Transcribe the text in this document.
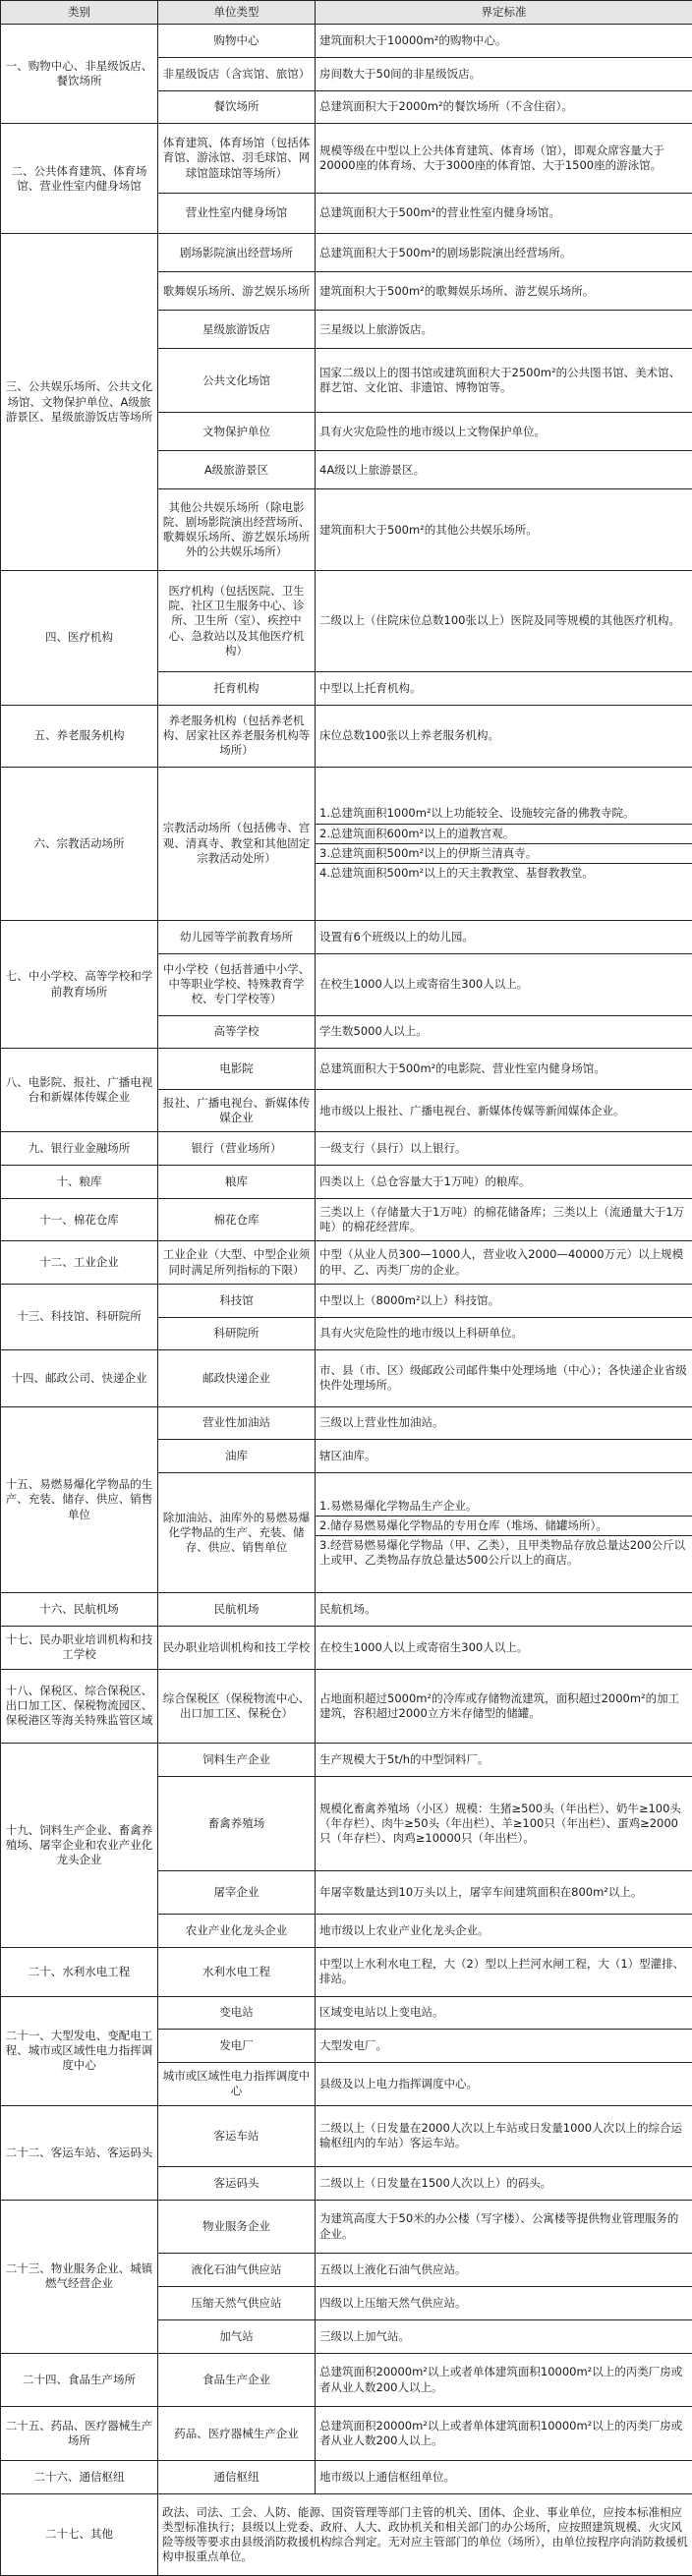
类别	单位类型	界定标准
一、购物中心、非星级饭店、餐饮场所	购物中心	建筑面积大于10000m²的购物中心。

	非星级饭店（含宾馆、旅馆）	房间数大于50间的非星级饭店。

	餐饮场所	总建筑面积大于2000m²的餐饮场所（不含住宿）。

二、公共体育建筑、体育场馆、营业性室内健身场馆	体育建筑、体育场馆（包括体育馆、游泳馆、羽毛球馆、网球馆篮球馆等场所）	规模等级在中型以上公共体育建筑、体育场（馆），即观众席容量大于20000座的体育场、大于3000座的体育馆、大于1500座的游泳馆。

	营业性室内健身场馆	总建筑面积大于500m²的营业性室内健身场馆。

三、公共娱乐场所、公共文化场馆、文物保护单位、A级旅游景区、星级旅游饭店等场所	剧场影院演出经营场所	总建筑面积大于500m²的剧场影院演出经营场所。

	歌舞娱乐场所、游艺娱乐场所	建筑面积大于500m²的歌舞娱乐场所、游艺娱乐场所。

	星级旅游饭店	三星级以上旅游饭店。

	公共文化场馆	国家二级以上的图书馆或建筑面积大于2500m²的公共图书馆、美术馆、群艺馆、文化馆、非遗馆、博物馆等。

	文物保护单位	具有火灾危险性的地市级以上文物保护单位。

	A级旅游景区	4A级以上旅游景区。

	其他公共娱乐场所（除电影院、剧场影院演出经营场所、歌舞娱乐场所、游艺娱乐场所外的公共娱乐场所）	建筑面积大于500m²的其他公共娱乐场所。

四、医疗机构	医疗机构（包括医院、卫生院、社区卫生服务中心、诊所、卫生所（室）、疾控中心、急救站以及其他医疗机构）	二级以上（住院床位总数100张以上）医院及同等规模的其他医疗机构。

	托育机构	中型以上托育机构。

五、养老服务机构	养老服务机构（包括养老机构、居家社区养老服务机构等场所）	床位总数100张以上养老服务机构。

六、宗教活动场所	宗教活动场所（包括佛寺、宫观、清真寺、教堂和其他固定宗教活动处所）	1.总建筑面积1000m²以上功能较全、设施较完备的佛教寺院。
2.总建筑面积600m²以上的道教宫观。
3.总建筑面积500m²以上的伊斯兰清真寺。
4.总建筑面积500m²以上的天主教教堂、基督教教堂。

七、中小学校、高等学校和学前教育场所	幼儿园等学前教育场所	设置有6个班级以上的幼儿园。

	中小学校（包括普通中小学、中等职业学校、特殊教育学校、专门学校等）	在校生1000人以上或寄宿生300人以上。

	高等学校	学生数5000人以上。

八、电影院、报社、广播电视台和新媒体传媒企业	电影院	总建筑面积大于500m²的电影院、营业性室内健身场馆。

	报社、广播电视台、新媒体传媒企业	地市级以上报社、广播电视台、新媒体传媒等新闻媒体企业。

九、银行业金融场所	银行（营业场所）	一级支行（县行）以上银行。

十、粮库	粮库	四类以上（总仓容量大于1万吨）的粮库。

十一、棉花仓库	棉花仓库	三类以上（存储量大于1万吨）的棉花储备库；三类以上（流通量大于1万吨）的棉花经营库。

十二、工业企业	工业企业（大型、中型企业须同时满足所列指标的下限）	中型（从业人员300—1000人，营业收入2000—40000万元）以上规模的甲、乙、丙类厂房的企业。

十三、科技馆、科研院所	科技馆	中型以上（8000m²以上）科技馆。

	科研院所	具有火灾危险性的地市级以上科研单位。

十四、邮政公司、快递企业	邮政快递企业	市、县（市、区）级邮政公司邮件集中处理场地（中心）；各快递企业省级快件处理场所。

十五、易燃易爆化学物品的生产、充装、储存、供应、销售单位	营业性加油站	三级以上营业性加油站。

	油库	辖区油库。

	除加油站、油库外的易燃易爆化学物品的生产、充装、储存、供应、销售单位	1.易燃易爆化学物品生产企业。
2.储存易燃易爆化学物品的专用仓库（堆场、储罐场所）。
3.经营易燃易爆化学物品（甲、乙类），且甲类物品存放总量达200公斤以上或甲、乙类物品存放总量达500公斤以上的商店。

十六、民航机场	民航机场	民航机场。

十七、民办职业培训机构和技工学校	民办职业培训机构和技工学校	在校生1000人以上或寄宿生300人以上。

十八、保税区、综合保税区、出口加工区、保税物流园区、保税港区等海关特殊监管区域	综合保税区（保税物流中心、出口加工区、保税仓）	占地面积超过5000m²的冷库或存储物流建筑，面积超过2000m²的加工建筑，容积超过2000立方米存储型的储罐。

十九、饲料生产企业、畜禽养殖场、屠宰企业和农业产业化龙头企业	饲料生产企业	生产规模大于5t/h的中型饲料厂。

	畜禽养殖场	规模化畜禽养殖场（小区）规模：生猪≥500头（年出栏）、奶牛≥100头（年存栏）、肉牛≥50头（年出栏）、羊≥100只（年出栏）、蛋鸡≥2000只（年存栏）、肉鸡≥10000只（年出栏）。

	屠宰企业	年屠宰数量达到10万头以上，屠宰车间建筑面积在800m²以上。

	农业产业化龙头企业	地市级以上农业产业化龙头企业。

二十、水利水电工程	水利水电工程	中型以上水利水电工程，大（2）型以上拦河水闸工程，大（1）型灌排、排站。

二十一、大型发电、变配电工程、城市或区域性电力指挥调度中心	变电站	区域变电站以上变电站。

	发电厂	大型发电厂。

	城市或区域性电力指挥调度中心	县级及以上电力指挥调度中心。

二十二、客运车站、客运码头	客运车站	二级以上（日发量在2000人次以上车站或日发量1000人次以上的综合运输枢纽内的车站）客运车站。

	客运码头	二级以上（日发量在1500人次以上）的码头。

二十三、物业服务企业、城镇燃气经营企业	物业服务企业	为建筑高度大于50米的办公楼（写字楼）、公寓楼等提供物业管理服务的企业。

	液化石油气供应站	五级以上液化石油气供应站。

	压缩天然气供应站	四级以上压缩天然气供应站。

	加气站	三级以上加气站。

二十四、食品生产场所	食品生产企业	总建筑面积20000m²以上或者单体建筑面积10000m²以上的丙类厂房或者从业人数200人以上。

二十五、药品、医疗器械生产场所	药品、医疗器械生产企业	总建筑面积20000m²以上或者单体建筑面积10000m²以上的丙类厂房或者从业人数200人以上。

二十六、通信枢纽	通信枢纽	地市级以上通信枢纽单位。

二十七、其他	政法、司法、工会、人防、能源、国资管理等部门主管的机关、团体、企业、事业单位，应按本标准相应类型标准执行；县级以上党委、政府、人大、政协机关和相关部门的办公场所，应按照建筑规模、火灾风险等级等要求由县级消防救援机构综合判定。无对应主管部门的单位（场所），由单位按程序向消防救援机构申报重点单位。	
